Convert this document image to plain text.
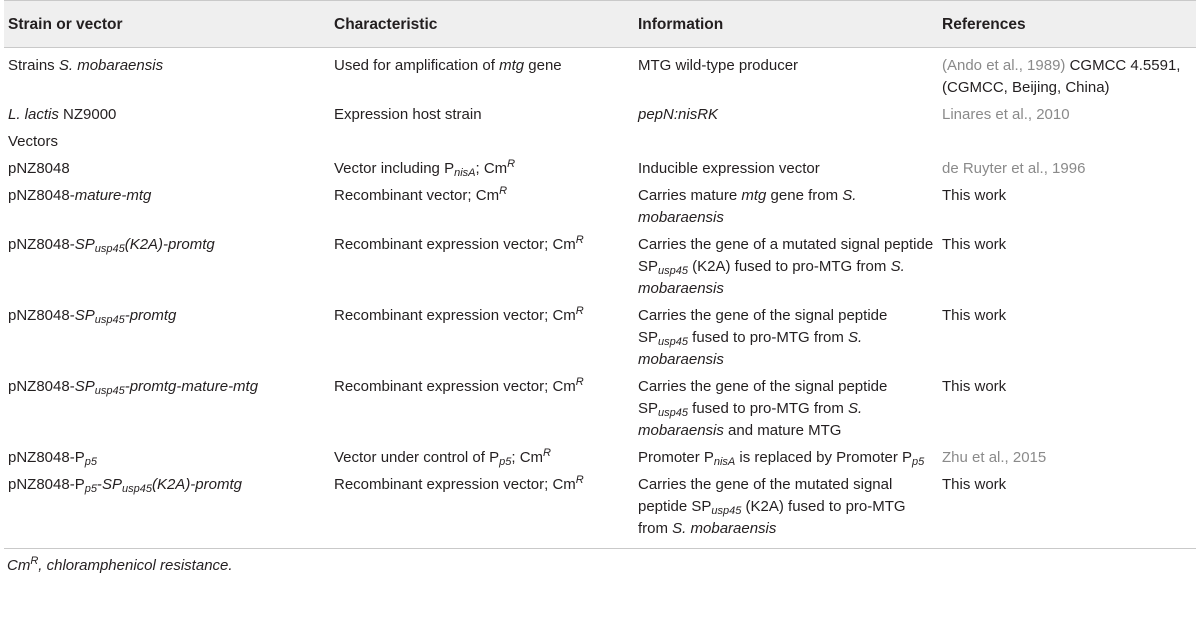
Strain or vector	Characteristic	Information	References
Strains S. mobaraensis	Used for amplification of mtg gene	MTG wild-type producer	(Ando et al., 1989) CGMCC 4.5591, (CGMCC, Beijing, China)
L. lactis NZ9000	Expression host strain	pepN:nisRK	Linares et al., 2010
Vectors			
pNZ8048	Vector including $P_{nisA}$; $Cm^R$	Inducible expression vector	de Ruyter et al., 1996
pNZ8048-mature-mtg	Recombinant vector; $Cm^R$	Carries mature mtg gene from S. mobaraensis	This work
$pNZ8048-SP_{usp45}(K2A)$-promtg	Recombinant expression vector; $Cm^R$	Carries the gene of a mutated signal peptide $SP_{usp45}$ (K2A) fused to pro-MTG from S. mobaraensis	This work
$pNZ8048-SP_{usp45}$-promtg	Recombinant expression vector; $Cm^R$	Carries the gene of the signal peptide $SP_{usp45}$ fused to pro-MTG from S. mobaraensis	This work
$pNZ8048-SP_{usp45}-promtg-mature$-mtg	Recombinant expression vector; $Cm^R$	Carries the gene of the signal peptide $SP_{usp45}$ fused to pro-MTG from S. mobaraensis and mature MTG	This work
$pNZ8048-P_{p5}$	Vector under control of $P_{p5}$; $Cm^R$	Promoter $P_{nisA}$ is replaced by Promoter $P_{p5}$	Zhu et al., 2015
$pNZ8048-P_{p5}-SP_{usp45}(K2A)$-promtg	Recombinant expression vector; $Cm^R$	Carries the gene of the mutated signal peptide $SP_{usp45}$ (K2A) fused to pro-MTG from S. mobaraensis	This work
$Cm^R$, chloramphenicol resistance.
